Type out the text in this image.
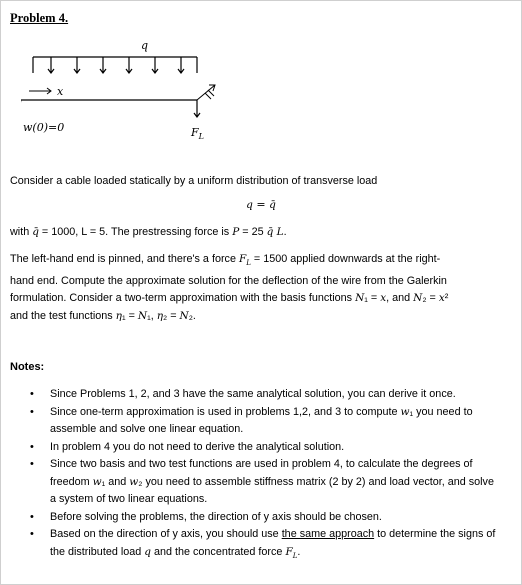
Problem 4.
q
x
w(0)=0	$F_L$
Consider a cable loaded statically by a uniform distribution of transverse load
q = q̄
with q̄ = 1000, L = 5. The prestressing force is P = 25 q̄ L.
The left-hand end is pinned, and there's a force $F_L = 1500$ applied downwards at the right-
hand end. Compute the approximate solution for the deflection of the wire from the Galerkin
formulation. Consider a two-term approximation with the basis functions N₁ = x, and N₂ = x²
and the test functions η₁ = N₁, η₂ = N₂.
Notes:
• Since Problems 1, 2, and 3 have the same analytical solution, you can derive it once.
• Since one-term approximation is used in problems 1,2, and 3 to compute w₁ you need to assemble and solve one linear equation.
• In problem 4 you do not need to derive the analytical solution.
• Since two basis and two test functions are used in problem 4, to calculate the degrees of freedom w₁ and w₂ you need to assemble stiffness matrix (2 by 2) and load vector, and solve a system of two linear equations.
• Before solving the problems, the direction of y axis should be chosen.
• Based on the direction of y axis, you should use the same approach to determine the signs of the distributed load q and the concentrated force $F_L$.
